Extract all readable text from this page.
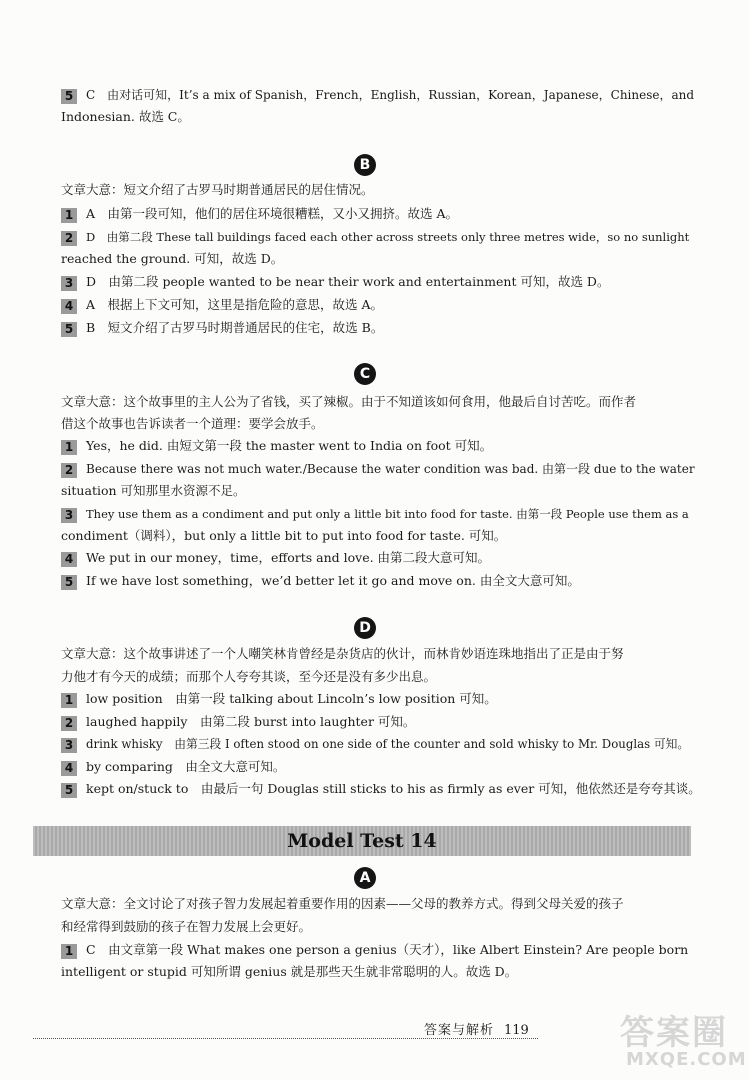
5 C　由对话可知，It’s a mix of Spanish，French，English，Russian，Korean，Japanese，Chinese，and
Indonesian. 故选 C。
B
文章大意：短文介绍了古罗马时期普通居民的居住情况。
1 A　由第一段可知，他们的居住环境很糟糕，又小又拥挤。故选 A。
2 D　由第二段 These tall buildings faced each other across streets only three metres wide，so no sunlight
reached the ground. 可知，故选 D。
3 D　由第二段 people wanted to be near their work and entertainment 可知，故选 D。
4 A　根据上下文可知，这里是指危险的意思，故选 A。
5 B　短文介绍了古罗马时期普通居民的住宅，故选 B。
C
文章大意：这个故事里的主人公为了省钱，买了辣椒。由于不知道该如何食用，他最后自讨苦吃。而作者
借这个故事也告诉读者一个道理：要学会放手。
1 Yes，he did. 由短文第一段 the master went to India on foot 可知。
2 Because there was not much water./Because the water condition was bad. 由第一段 due to the water
situation 可知那里水资源不足。
3 They use them as a condiment and put only a little bit into food for taste. 由第一段 People use them as a
condiment（调料），but only a little bit to put into food for taste. 可知。
4 We put in our money，time，efforts and love. 由第二段大意可知。
5 If we have lost something，we’d better let it go and move on. 由全文大意可知。
D
文章大意：这个故事讲述了一个人嘲笑林肯曾经是杂货店的伙计，而林肯妙语连珠地指出了正是由于努
力他才有今天的成绩；而那个人夸夸其谈，至今还是没有多少出息。
1 low position　由第一段 talking about Lincoln’s low position 可知。
2 laughed happily　由第二段 burst into laughter 可知。
3 drink whisky　由第三段 I often stood on one side of the counter and sold whisky to Mr. Douglas 可知。
4 by comparing　由全文大意可知。
5 kept on/stuck to　由最后一句 Douglas still sticks to his as firmly as ever 可知，他依然还是夸夸其谈。
Model Test 14
A
文章大意：全文讨论了对孩子智力发展起着重要作用的因素——父母的教养方式。得到父母关爱的孩子
和经常得到鼓励的孩子在智力发展上会更好。
1 C　由文章第一段 What makes one person a genius（天才），like Albert Einstein? Are people born
intelligent or stupid 可知所谓 genius 就是那些天生就非常聪明的人。故选 D。
答案与解析 119	答案圈
MXQE.COM
